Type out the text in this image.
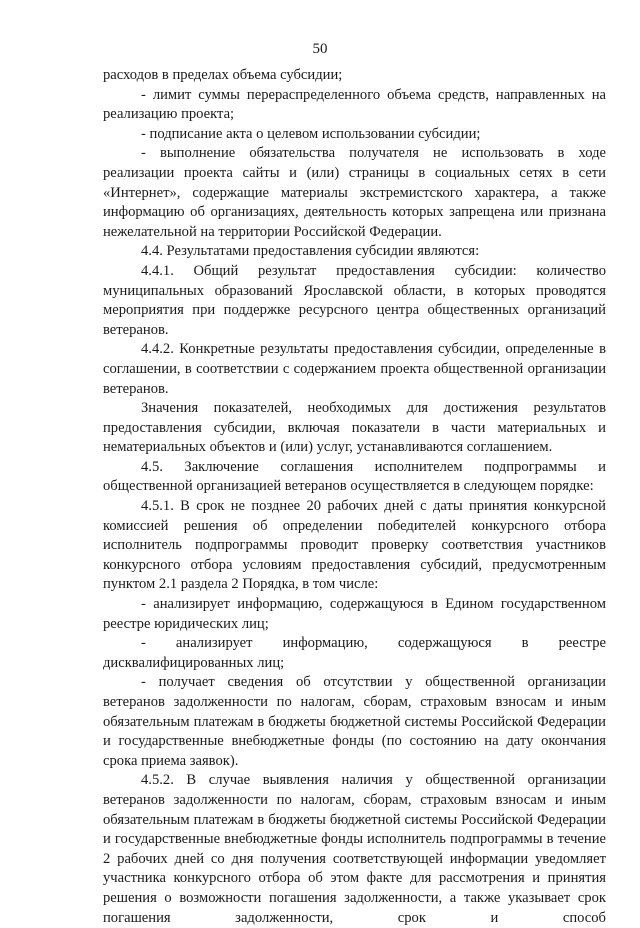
50

расходов в пределах объема субсидии;

- лимит суммы перераспределенного объема средств, направленных на реализацию проекта;

- подписание акта о целевом использовании субсидии;

- выполнение обязательства получателя не использовать в ходе реализации проекта сайты и (или) страницы в социальных сетях в сети «Интернет», содержащие материалы экстремистского характера, а также информацию об организациях, деятельность которых запрещена или признана нежелательной на территории Российской Федерации.

4.4. Результатами предоставления субсидии являются:

4.4.1. Общий результат предоставления субсидии: количество муниципальных образований Ярославской области, в которых проводятся мероприятия при поддержке ресурсного центра общественных организаций ветеранов.

4.4.2. Конкретные результаты предоставления субсидии, определенные в соглашении, в соответствии с содержанием проекта общественной организации ветеранов.

Значения показателей, необходимых для достижения результатов предоставления субсидии, включая показатели в части материальных и нематериальных объектов и (или) услуг, устанавливаются соглашением.

4.5. Заключение соглашения исполнителем подпрограммы и общественной организацией ветеранов осуществляется в следующем порядке:

4.5.1. В срок не позднее 20 рабочих дней с даты принятия конкурсной комиссией решения об определении победителей конкурсного отбора исполнитель подпрограммы проводит проверку соответствия участников конкурсного отбора условиям предоставления субсидий, предусмотренным пунктом 2.1 раздела 2 Порядка, в том числе:

- анализирует информацию, содержащуюся в Едином государственном реестре юридических лиц;

- анализирует информацию, содержащуюся в реестре дисквалифицированных лиц;

- получает сведения об отсутствии у общественной организации ветеранов задолженности по налогам, сборам, страховым взносам и иным обязательным платежам в бюджеты бюджетной системы Российской Федерации и государственные внебюджетные фонды (по состоянию на дату окончания срока приема заявок).

4.5.2. В случае выявления наличия у общественной организации ветеранов задолженности по налогам, сборам, страховым взносам и иным обязательным платежам в бюджеты бюджетной системы Российской Федерации и государственные внебюджетные фонды исполнитель подпрограммы в течение 2 рабочих дней со дня получения соответствующей информации уведомляет участника конкурсного отбора об этом факте для рассмотрения и принятия решения о возможности погашения задолженности, а также указывает срок погашения задолженности, срок и способ
